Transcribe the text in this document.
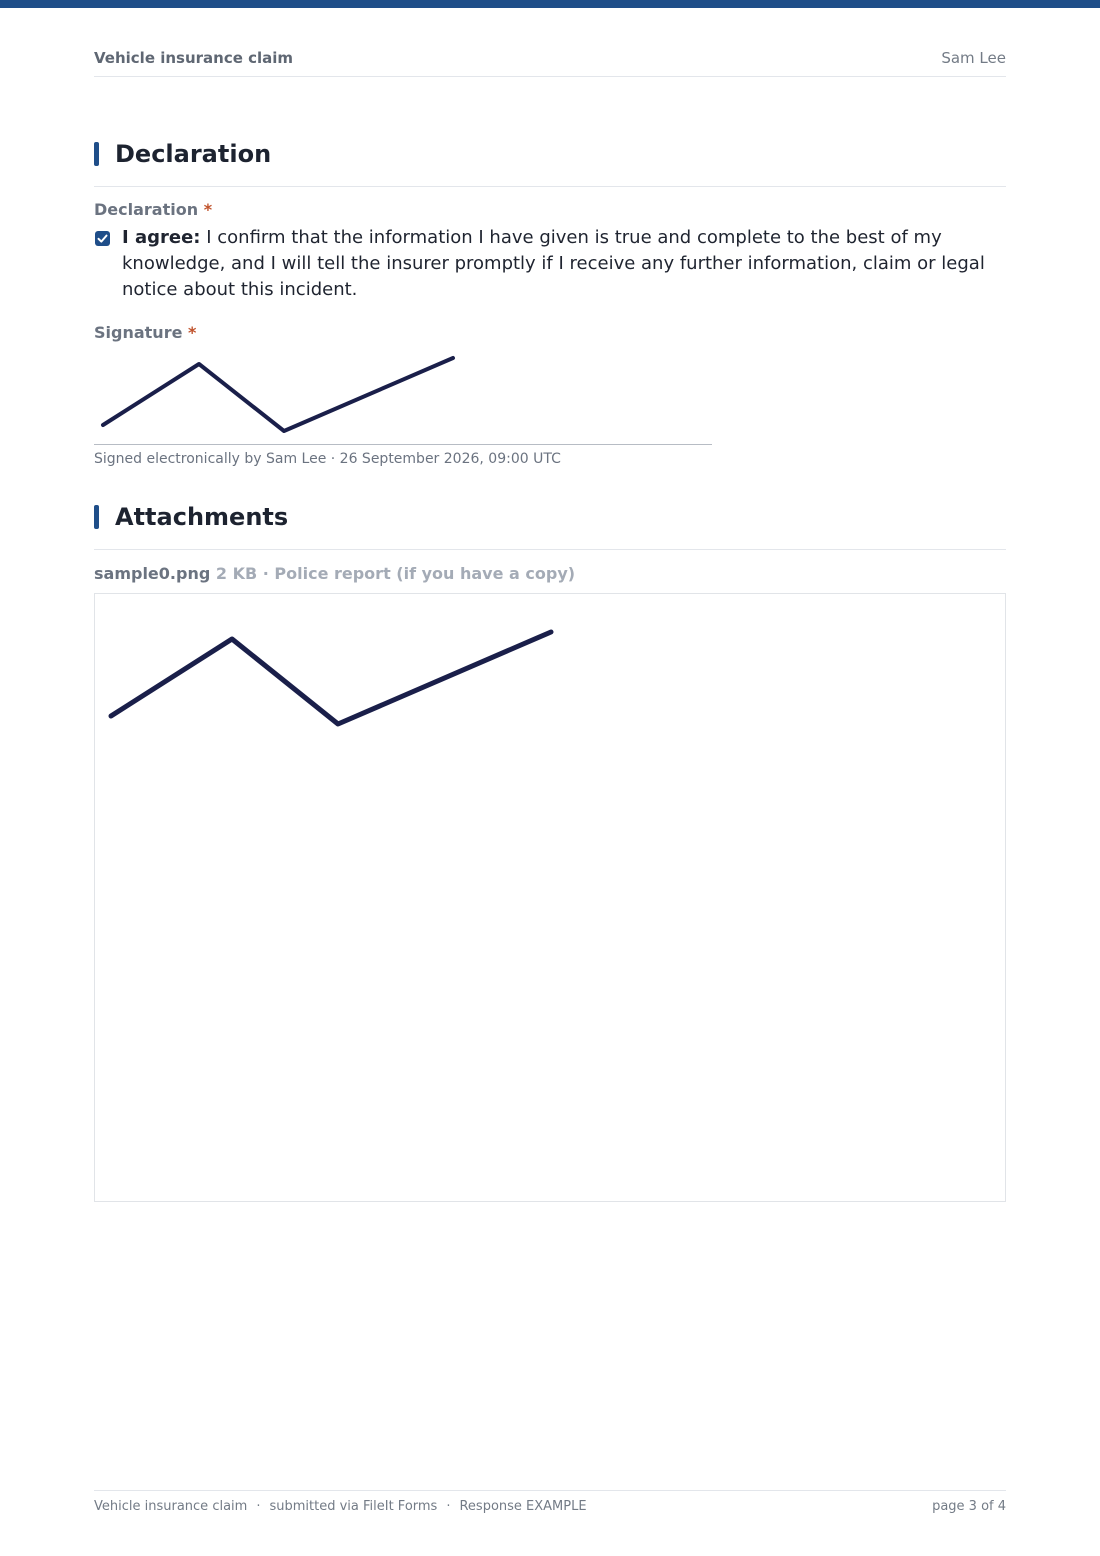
Vehicle insurance claim	Sam Lee
Declaration
Declaration *
I agree: I confirm that the information I have given is true and complete to the best of my knowledge, and I will tell the insurer promptly if I receive any further information, claim or legal notice about this incident.
Signature *
Signed electronically by Sam Lee · 26 September 2026, 09:00 UTC
Attachments
sample0.png 2 KB · Police report (if you have a copy)
Vehicle insurance claim · submitted via FileIt Forms · Response EXAMPLE	page 3 of 4
